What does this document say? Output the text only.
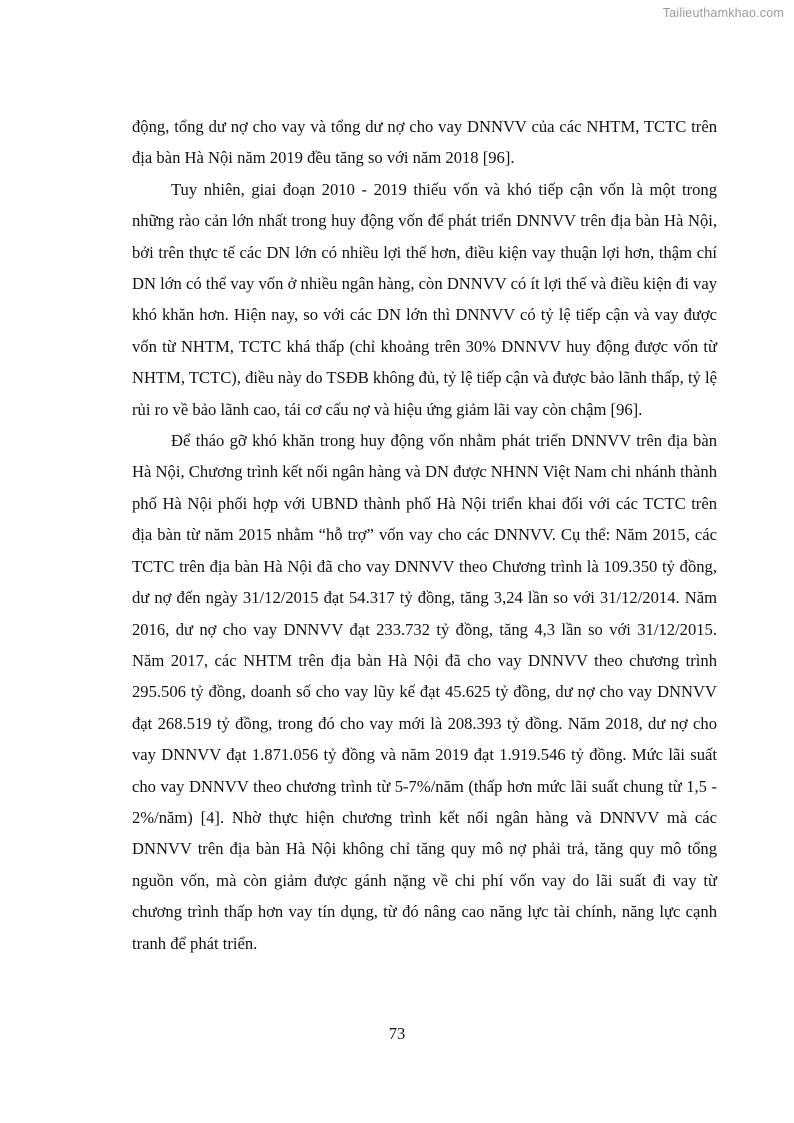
Tailieuthamkhao.com

động, tổng dư nợ cho vay và tổng dư nợ cho vay DNNVV của các NHTM, TCTC trên địa bàn Hà Nội năm 2019 đều tăng so với năm 2018 [96].

Tuy nhiên, giai đoạn 2010 - 2019 thiếu vốn và khó tiếp cận vốn là một trong những rào cản lớn nhất trong huy động vốn để phát triển DNNVV trên địa bàn Hà Nội, bởi trên thực tế các DN lớn có nhiều lợi thế hơn, điều kiện vay thuận lợi hơn, thậm chí DN lớn có thể vay vốn ở nhiều ngân hàng, còn DNNVV có ít lợi thế và điều kiện đi vay khó khăn hơn. Hiện nay, so với các DN lớn thì DNNVV có tỷ lệ tiếp cận và vay được vốn từ NHTM, TCTC khá thấp (chỉ khoảng trên 30% DNNVV huy động được vốn từ NHTM, TCTC), điều này do TSĐB không đủ, tỷ lệ tiếp cận và được bảo lãnh thấp, tỷ lệ rủi ro về bảo lãnh cao, tái cơ cấu nợ và hiệu ứng giảm lãi vay còn chậm [96].

Để tháo gỡ khó khăn trong huy động vốn nhằm phát triển DNNVV trên địa bàn Hà Nội, Chương trình kết nối ngân hàng và DN được NHNN Việt Nam chi nhánh thành phố Hà Nội phối hợp với UBND thành phố Hà Nội triển khai đối với các TCTC trên địa bàn từ năm 2015 nhằm “hỗ trợ” vốn vay cho các DNNVV. Cụ thể: Năm 2015, các TCTC trên địa bàn Hà Nội đã cho vay DNNVV theo Chương trình là 109.350 tỷ đồng, dư nợ đến ngày 31/12/2015 đạt 54.317 tỷ đồng, tăng 3,24 lần so với 31/12/2014. Năm 2016, dư nợ cho vay DNNVV đạt 233.732 tỷ đồng, tăng 4,3 lần so với 31/12/2015. Năm 2017, các NHTM trên địa bàn Hà Nội đã cho vay DNNVV theo chương trình 295.506 tỷ đồng, doanh số cho vay lũy kế đạt 45.625 tỷ đồng, dư nợ cho vay DNNVV đạt 268.519 tỷ đồng, trong đó cho vay mới là 208.393 tỷ đồng. Năm 2018, dư nợ cho vay DNNVV đạt 1.871.056 tỷ đồng và năm 2019 đạt 1.919.546 tỷ đồng. Mức lãi suất cho vay DNNVV theo chương trình từ 5-7%/năm (thấp hơn mức lãi suất chung từ 1,5 - 2%/năm) [4]. Nhờ thực hiện chương trình kết nối ngân hàng và DNNVV mà các DNNVV trên địa bàn Hà Nội không chỉ tăng quy mô nợ phải trả, tăng quy mô tổng nguồn vốn, mà còn giảm được gánh nặng về chi phí vốn vay do lãi suất đi vay từ chương trình thấp hơn vay tín dụng, từ đó nâng cao năng lực tài chính, năng lực cạnh tranh để phát triển.

73
